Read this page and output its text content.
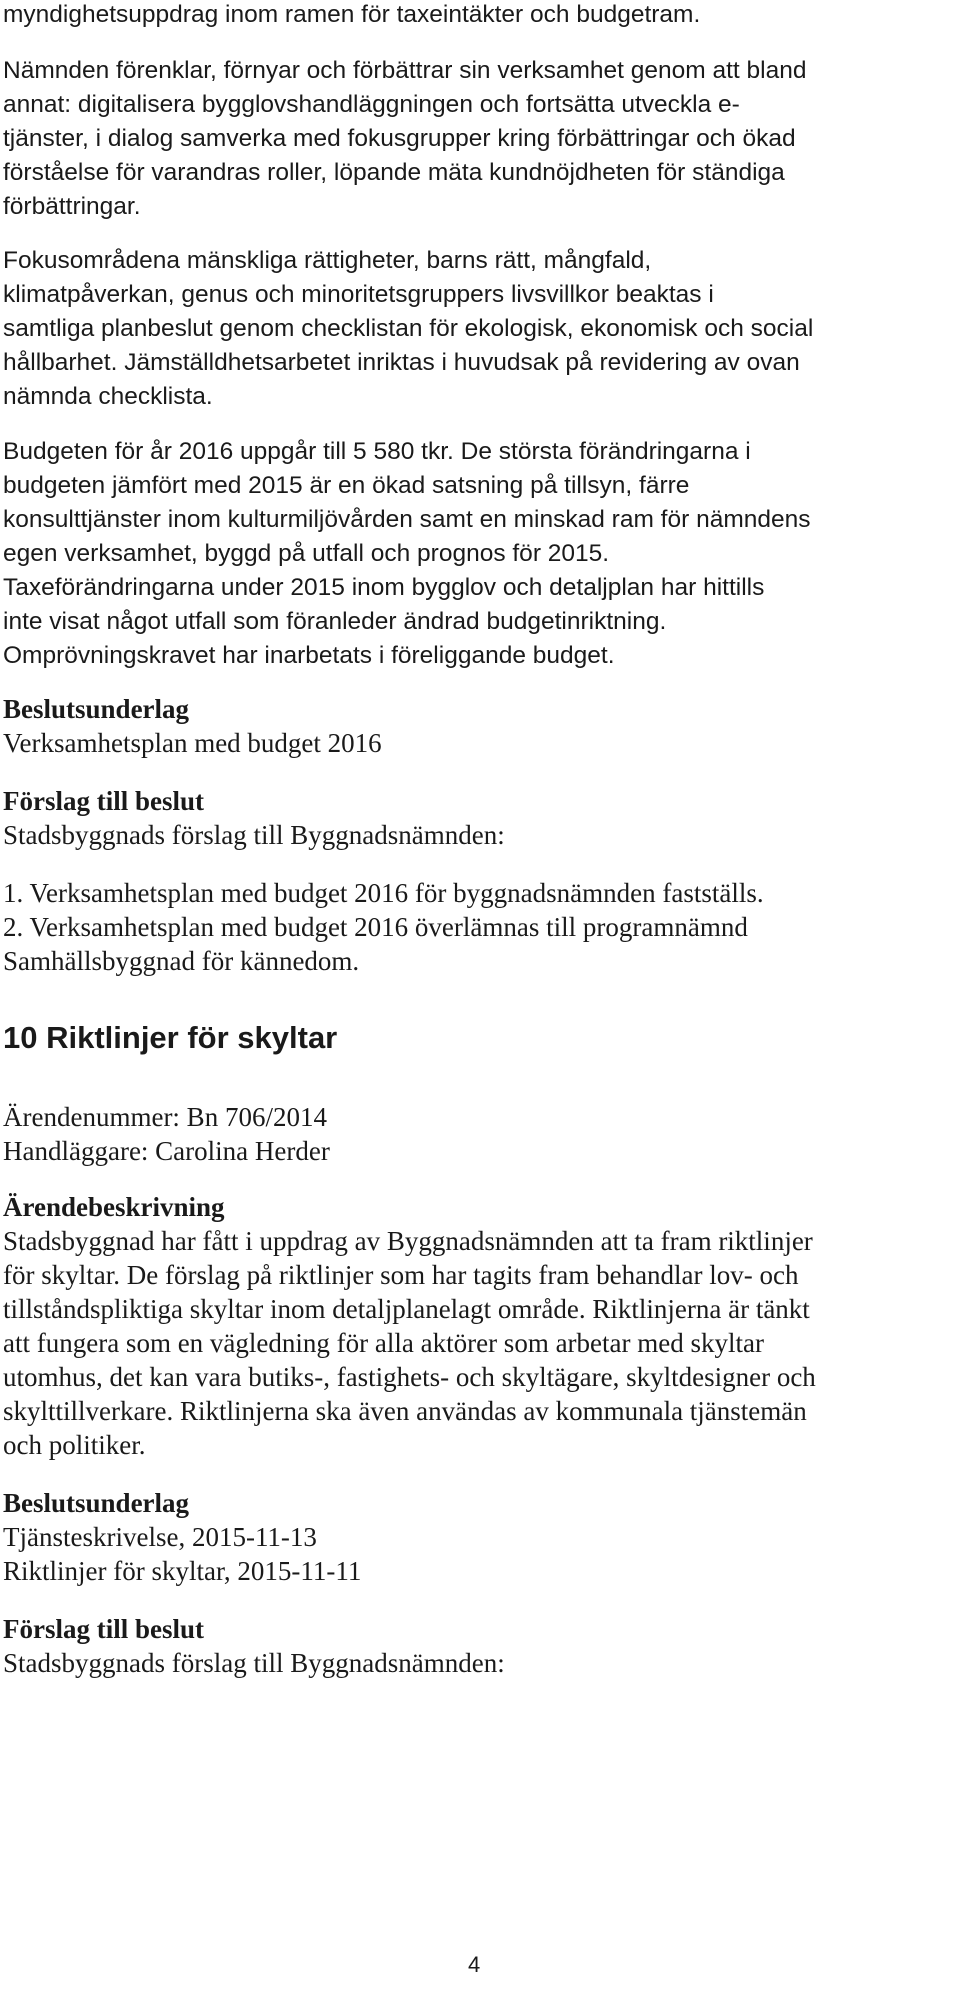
myndighetsuppdrag inom ramen för taxeintäkter och budgetram.
Nämnden förenklar, förnyar och förbättrar sin verksamhet genom att bland
annat: digitalisera bygglovshandläggningen och fortsätta utveckla e-
tjänster, i dialog samverka med fokusgrupper kring förbättringar och ökad
förståelse för varandras roller, löpande mäta kundnöjdheten för ständiga
förbättringar.
Fokusområdena mänskliga rättigheter, barns rätt, mångfald,
klimatpåverkan, genus och minoritetsgruppers livsvillkor beaktas i
samtliga planbeslut genom checklistan för ekologisk, ekonomisk och social
hållbarhet. Jämställdhetsarbetet inriktas i huvudsak på revidering av ovan
nämnda checklista.
Budgeten för år 2016 uppgår till 5 580 tkr. De största förändringarna i
budgeten jämfört med 2015 är en ökad satsning på tillsyn, färre
konsulttjänster inom kulturmiljövården samt en minskad ram för nämndens
egen verksamhet, byggd på utfall och prognos för 2015.
Taxeförändringarna under 2015 inom bygglov och detaljplan har hittills
inte visat något utfall som föranleder ändrad budgetinriktning.
Omprövningskravet har inarbetats i föreliggande budget.
Beslutsunderlag
Verksamhetsplan med budget 2016
Förslag till beslut
Stadsbyggnads förslag till Byggnadsnämnden:
1. Verksamhetsplan med budget 2016 för byggnadsnämnden fastställs.
2. Verksamhetsplan med budget 2016 överlämnas till programnämnd
Samhällsbyggnad för kännedom.
10 Riktlinjer för skyltar
Ärendenummer: Bn 706/2014
Handläggare: Carolina Herder
Ärendebeskrivning
Stadsbyggnad har fått i uppdrag av Byggnadsnämnden att ta fram riktlinjer
för skyltar. De förslag på riktlinjer som har tagits fram behandlar lov- och
tillståndspliktiga skyltar inom detaljplanelagt område. Riktlinjerna är tänkt
att fungera som en vägledning för alla aktörer som arbetar med skyltar
utomhus, det kan vara butiks-, fastighets- och skyltägare, skyltdesigner och
skylttillverkare. Riktlinjerna ska även användas av kommunala tjänstemän
och politiker.
Beslutsunderlag
Tjänsteskrivelse, 2015-11-13
Riktlinjer för skyltar, 2015-11-11
Förslag till beslut
Stadsbyggnads förslag till Byggnadsnämnden:
4
